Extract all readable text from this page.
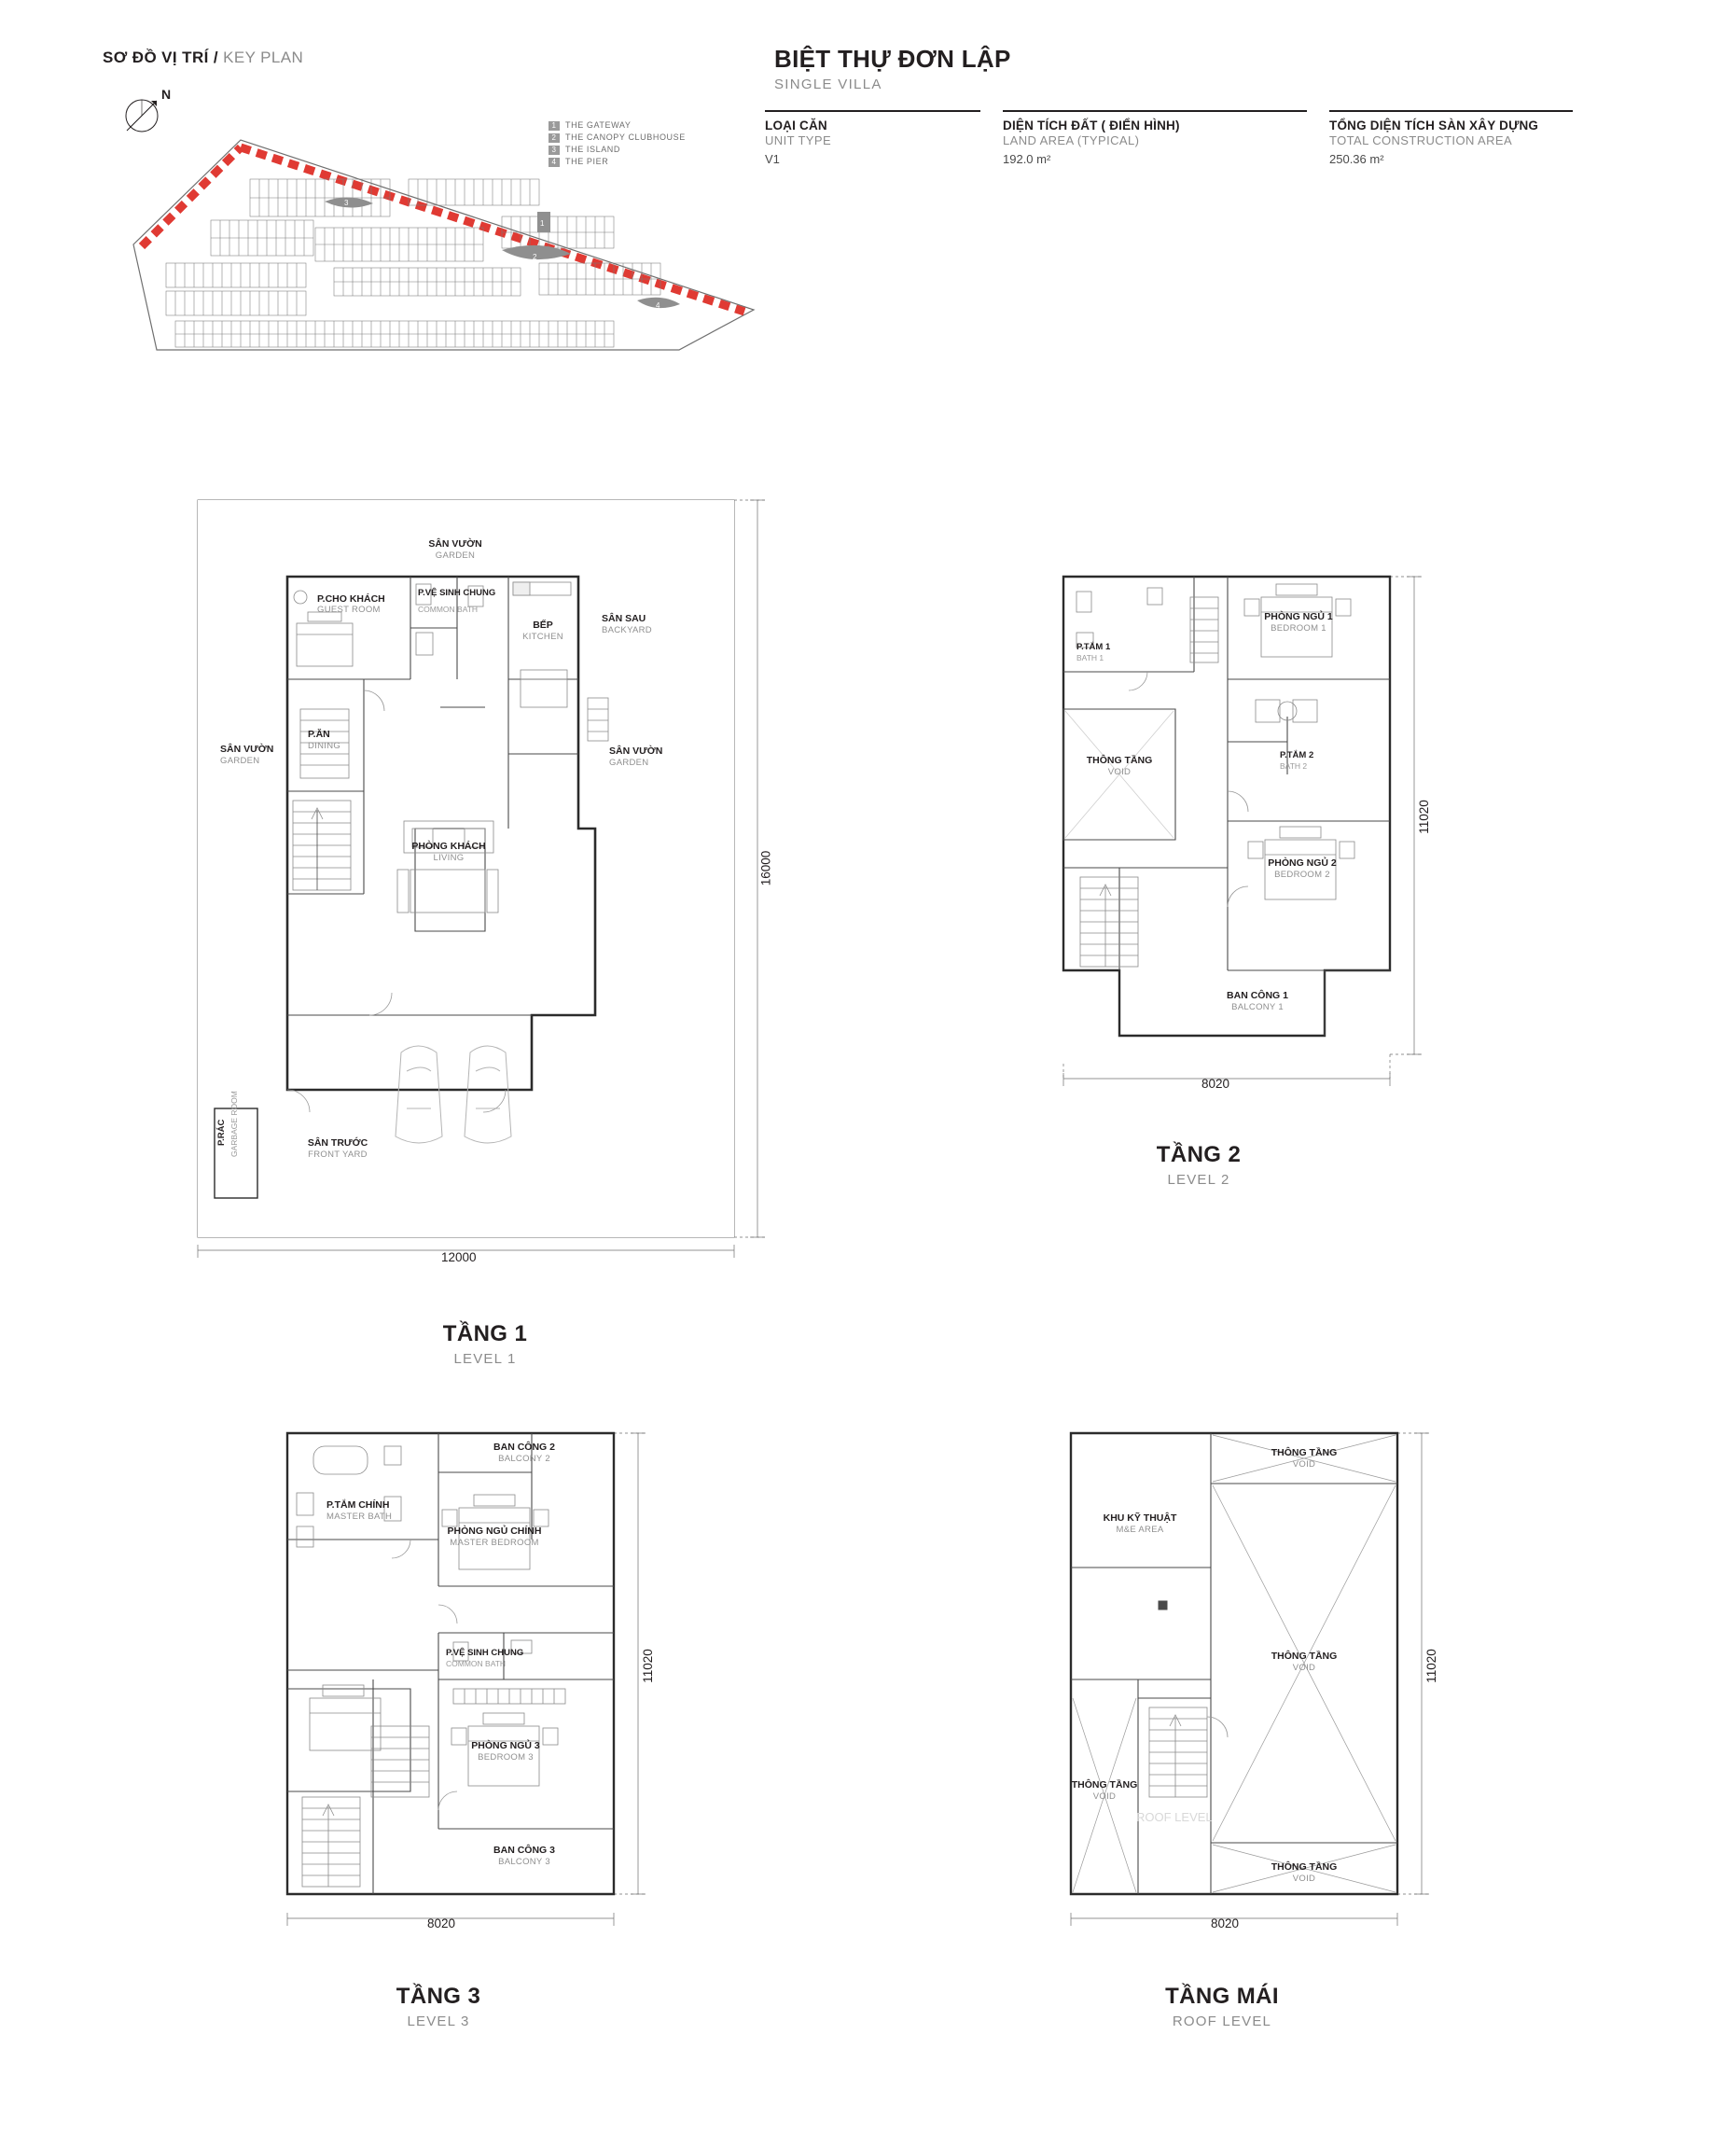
SƠ ĐỒ VỊ TRÍ / KEY PLAN
N
3
2
4
1
1	THE GATEWAY
2	THE CANOPY CLUBHOUSE
3	THE ISLAND
4	THE PIER
BIỆT THỰ ĐƠN LẬP
SINGLE VILLA
LOẠI CĂN
UNIT TYPE
V1
DIỆN TÍCH ĐẤT ( ĐIỂN HÌNH)
LAND AREA (TYPICAL)
192.0 m²
TỔNG DIỆN TÍCH SÀN XÂY DỰNG
TOTAL CONSTRUCTION AREA
250.36 m²
SÂN VƯỜN
GARDEN
P.CHO KHÁCH
GUEST ROOM
P.VỆ SINH CHUNG
COMMON BATH
BẾP
KITCHEN
SÂN SAU
BACKYARD
SÂN VƯỜN
GARDEN
P.ĂN
DINING	SÂN VƯỜN
GARDEN
PHÒNG KHÁCH
LIVING
SÂN TRƯỚC
FRONT YARD
P.RÁC GARBAGE ROOM
12000
16000
TẦNG 1
LEVEL 1
P.TẮM 1
BATH 1
PHÒNG NGỦ 1
BEDROOM 1
THÔNG TẦNG
VOID
P.TẮM 2
BATH 2
PHÒNG NGỦ 2
BEDROOM 2
BAN CÔNG 1
BALCONY 1
8020
11020
TẦNG 2
LEVEL 2
BAN CÔNG 2
BALCONY 2
P.TẮM CHÍNH
MASTER BATH
PHÒNG NGỦ CHÍNH
MASTER BEDROOM
P.VỆ SINH CHUNG
COMMON BATH
PHÒNG NGỦ 3
BEDROOM 3
BAN CÔNG 3
BALCONY 3
8020
11020
TẦNG 3
LEVEL 3
THÔNG TẦNG
VOID
KHU KỸ THUẬT
M&E AREA
THÔNG TẦNG
VOID
THÔNG TẦNG
VOID
THÔNG TẦNG
VOID
ROOF LEVEL
8020
11020
TẦNG MÁI
ROOF LEVEL
